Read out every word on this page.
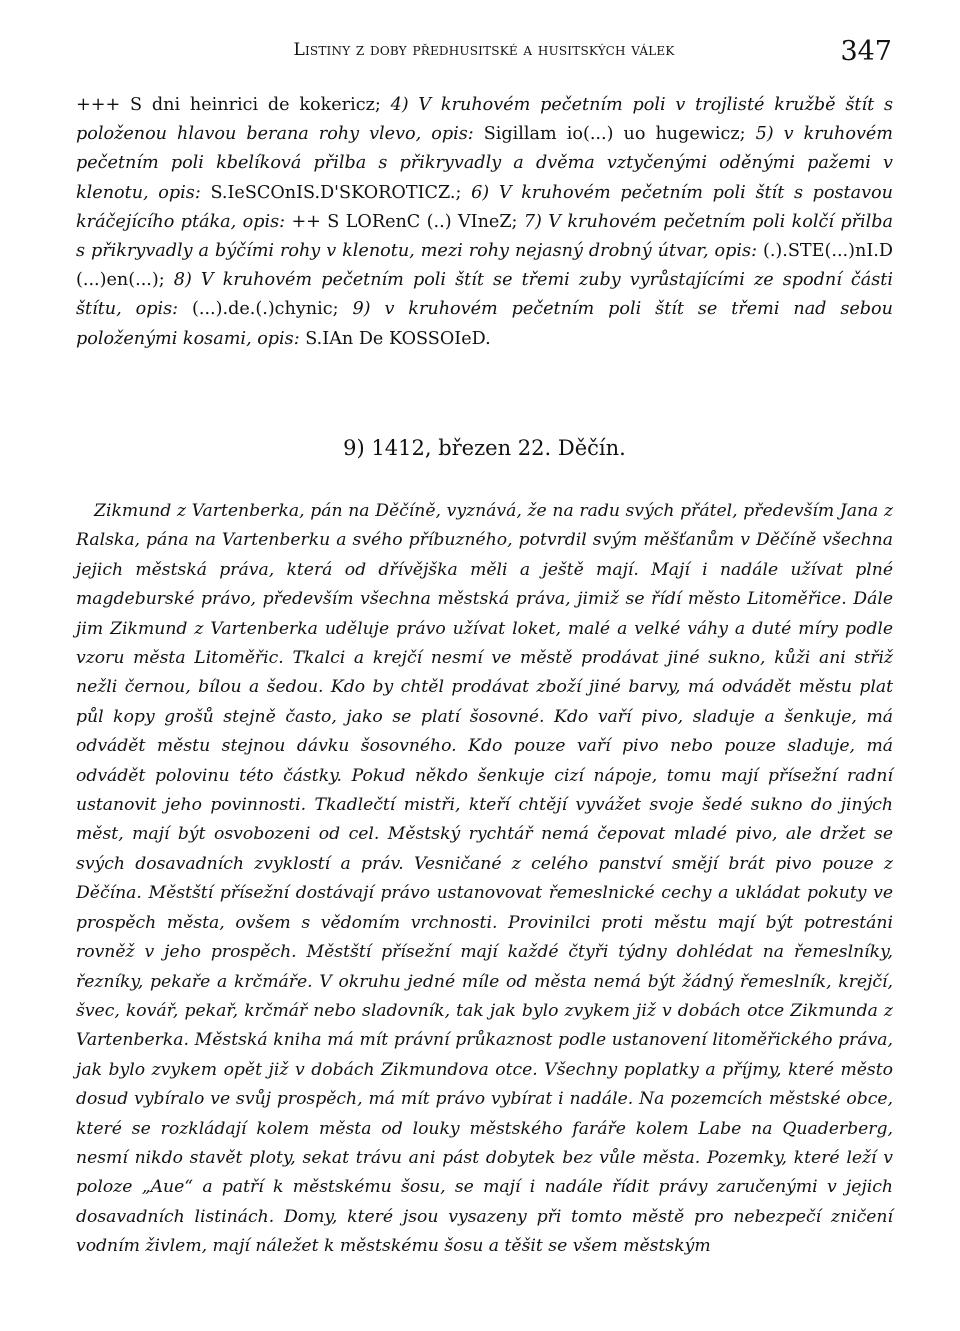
Listiny z doby předhusitské a husitských válek	347
+++ S dni heinrici de kokericz; 4) V kruhovém pečetním poli v trojlisté kružbě štít s položenou hlavou berana rohy vlevo, opis: Sigillam io(...) uo hugewicz; 5) v kruhovém pečetním poli kbelíková přilba s přikryvadly a dvěma vztyčenými oděnými pažemi v klenotu, opis: S.IeSCOnIS.D'SKOROTICZ.; 6) V kruhovém pečetním poli štít s postavou kráčejícího ptáka, opis: ++ S LORenC (..) VIneZ; 7) V kruhovém pečetním poli kolčí přilba s přikryvadly a býčími rohy v klenotu, mezi rohy nejasný drobný útvar, opis: (.).STE(...)nI.D (...)en(...); 8) V kruhovém pečetním poli štít se třemi zuby vyrůstajícími ze spodní části štítu, opis: (...).de.(.)chynic; 9) v kruhovém pečetním poli štít se třemi nad sebou položenými kosami, opis: S.IAn De KOSSOIeD.
9) 1412, březen 22. Děčín.
Zikmund z Vartenberka, pán na Děčíně, vyznává, že na radu svých přátel, především Jana z Ralska, pána na Vartenberku a svého příbuzného, potvrdil svým měšťanům v Děčíně všechna jejich městská práva, která od dřívějška měli a ještě mají. Mají i nadále užívat plné magdeburské právo, především všechna městská práva, jimiž se řídí město Litoměřice. Dále jim Zikmund z Vartenberka uděluje právo užívat loket, malé a velké váhy a duté míry podle vzoru města Litoměřic. Tkalci a krejčí nesmí ve městě prodávat jiné sukno, kůži ani střiž nežli černou, bílou a šedou. Kdo by chtěl prodávat zboží jiné barvy, má odvádět městu plat půl kopy grošů stejně často, jako se platí šosovné. Kdo vaří pivo, sladuje a šenkuje, má odvádět městu stejnou dávku šosovného. Kdo pouze vaří pivo nebo pouze sladuje, má odvádět polovinu této částky. Pokud někdo šenkuje cizí nápoje, tomu mají přísežní radní ustanovit jeho povinnosti. Tkadlečtí mistři, kteří chtějí vyvážet svoje šedé sukno do jiných měst, mají být osvobozeni od cel. Městský rychtář nemá čepovat mladé pivo, ale držet se svých dosavadních zvyklostí a práv. Vesničané z celého panství smějí brát pivo pouze z Děčína. Městští přísežní dostávají právo ustanovovat řemeslnické cechy a ukládat pokuty ve prospěch města, ovšem s vědomím vrchnosti. Provinilci proti městu mají být potrestáni rovněž v jeho prospěch. Městští přísežní mají každé čtyři týdny dohlédat na řemeslníky, řezníky, pekaře a krčmáře. V okruhu jedné míle od města nemá být žádný řemeslník, krejčí, švec, kovář, pekař, krčmář nebo sladovník, tak jak bylo zvykem již v dobách otce Zikmunda z Vartenberka. Městská kniha má mít právní průkaznost podle ustanovení litoměřického práva, jak bylo zvykem opět již v dobách Zikmundova otce. Všechny poplatky a příjmy, které město dosud vybíralo ve svůj prospěch, má mít právo vybírat i nadále. Na pozemcích městské obce, které se rozkládají kolem města od louky městského faráře kolem Labe na Quaderberg, nesmí nikdo stavět ploty, sekat trávu ani pást dobytek bez vůle města. Pozemky, které leží v poloze „Aue“ a patří k městskému šosu, se mají i nadále řídit právy zaručenými v jejich dosavadních listinách. Domy, které jsou vysazeny při tomto městě pro nebezpečí zničení vodním živlem, mají náležet k městskému šosu a těšit se všem městským
